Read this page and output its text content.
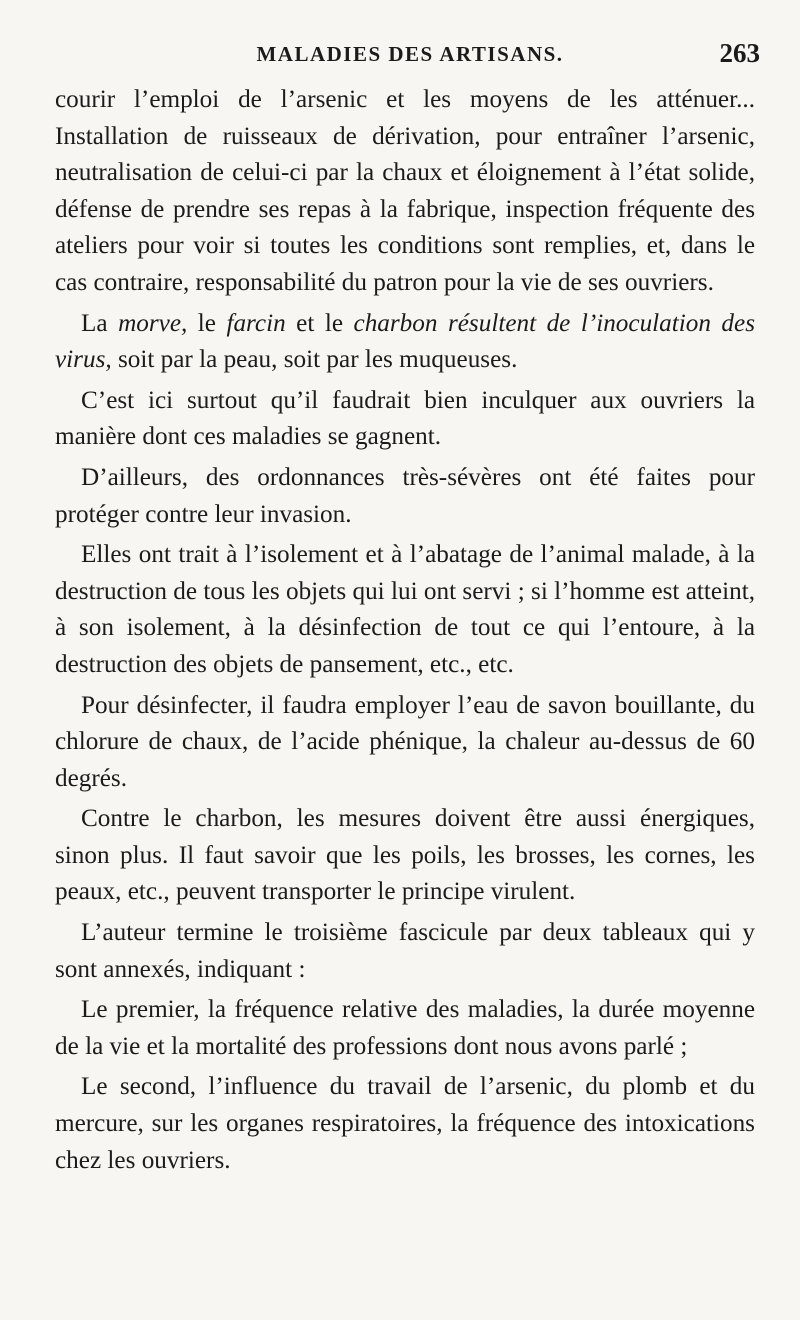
MALADIES DES ARTISANS.	263

courir l’emploi de l’arsenic et les moyens de les atténuer... Installation de ruisseaux de dérivation, pour entraîner l’arsenic, neutralisation de celui-ci par la chaux et éloignement à l’état solide, défense de prendre ses repas à la fabrique, inspection fréquente des ateliers pour voir si toutes les conditions sont remplies, et, dans le cas contraire, responsabilité du patron pour la vie de ses ouvriers.

La morve, le farcin et le charbon résultent de l’inoculation des virus, soit par la peau, soit par les muqueuses.

C’est ici surtout qu’il faudrait bien inculquer aux ouvriers la manière dont ces maladies se gagnent.

D’ailleurs, des ordonnances très-sévères ont été faites pour protéger contre leur invasion.

Elles ont trait à l’isolement et à l’abatage de l’animal malade, à la destruction de tous les objets qui lui ont servi ; si l’homme est atteint, à son isolement, à la désinfection de tout ce qui l’entoure, à la destruction des objets de pansement, etc., etc.

Pour désinfecter, il faudra employer l’eau de savon bouillante, du chlorure de chaux, de l’acide phénique, la chaleur au-dessus de 60 degrés.

Contre le charbon, les mesures doivent être aussi énergiques, sinon plus. Il faut savoir que les poils, les brosses, les cornes, les peaux, etc., peuvent transporter le principe virulent.

L’auteur termine le troisième fascicule par deux tableaux qui y sont annexés, indiquant :

Le premier, la fréquence relative des maladies, la durée moyenne de la vie et la mortalité des professions dont nous avons parlé ;

Le second, l’influence du travail de l’arsenic, du plomb et du mercure, sur les organes respiratoires, la fréquence des intoxications chez les ouvriers.
